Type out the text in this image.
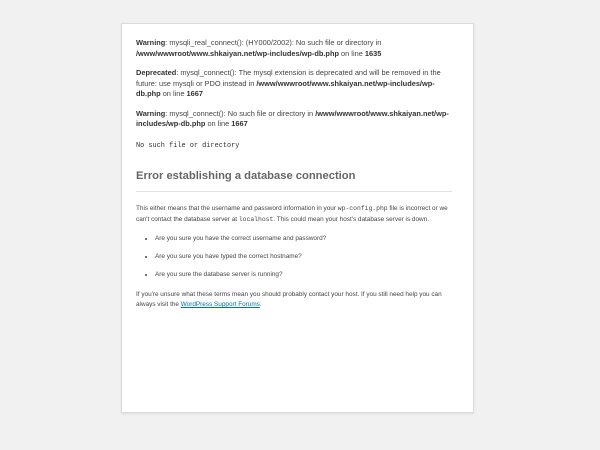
Warning: mysqli_real_connect(): (HY000/2002): No such file or directory in /www/wwwroot/www.shkaiyan.net/wp-includes/wp-db.php on line 1635

Deprecated: mysql_connect(): The mysql extension is deprecated and will be removed in the future: use mysqli or PDO instead in /www/wwwroot/www.shkaiyan.net/wp-includes/wp-db.php on line 1667

Warning: mysql_connect(): No such file or directory in /www/wwwroot/www.shkaiyan.net/wp-includes/wp-db.php on line 1667

No such file or directory
Error establishing a database connection

This either means that the username and password information in your wp-config.php file is incorrect or we can't contact the database server at localhost. This could mean your host's database server is down.

• Are you sure you have the correct username and password?
• Are you sure you have typed the correct hostname?
• Are you sure the database server is running?

If you're unsure what these terms mean you should probably contact your host. If you still need help you can always visit the WordPress Support Forums.
